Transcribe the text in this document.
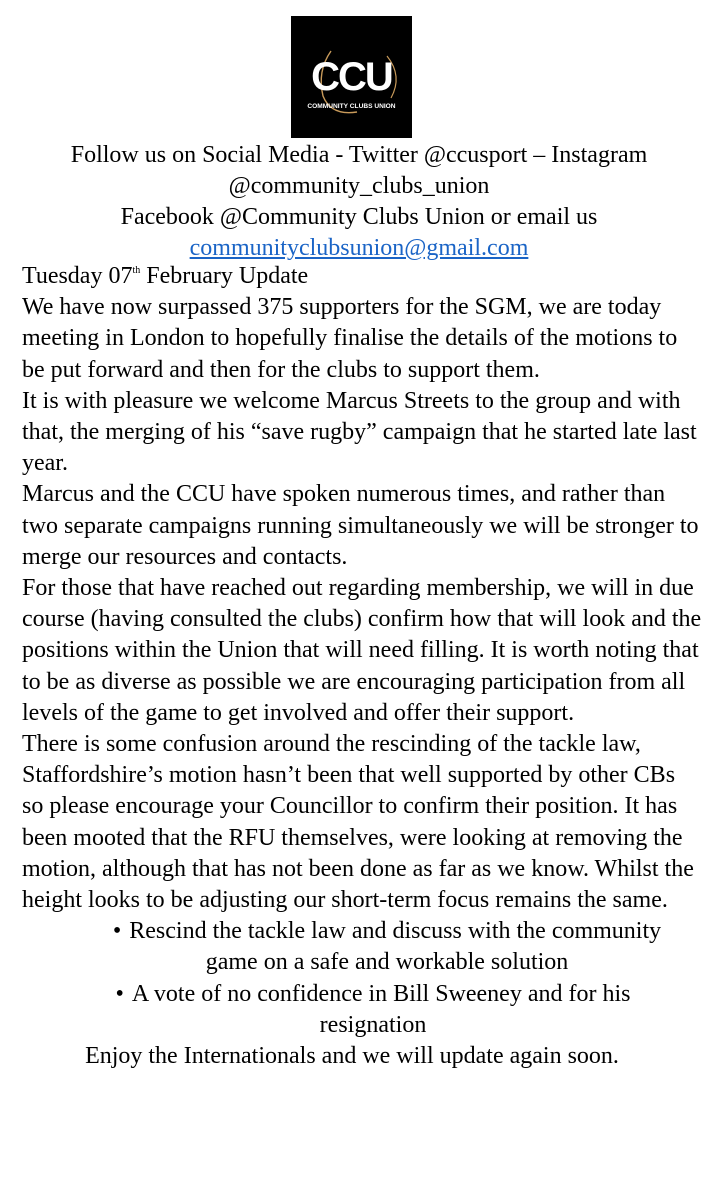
CCU
COMMUNITY CLUBS UNION
Follow us on Social Media - Twitter @ccusport – Instagram
@community_clubs_union
Facebook @Community Clubs Union or email us
communityclubsunion@gmail.com

Tuesday 07th February Update

We have now surpassed 375 supporters for the SGM, we are today meeting in London to hopefully finalise the details of the motions to be put forward and then for the clubs to support them.

It is with pleasure we welcome Marcus Streets to the group and with that, the merging of his “save rugby” campaign that he started late last year.

Marcus and the CCU have spoken numerous times, and rather than two separate campaigns running simultaneously we will be stronger to merge our resources and contacts.

For those that have reached out regarding membership, we will in due course (having consulted the clubs) confirm how that will look and the positions within the Union that will need filling. It is worth noting that to be as diverse as possible we are encouraging participation from all levels of the game to get involved and offer their support.

There is some confusion around the rescinding of the tackle law, Staffordshire’s motion hasn’t been that well supported by other CBs so please encourage your Councillor to confirm their position. It has been mooted that the RFU themselves, were looking at removing the motion, although that has not been done as far as we know. Whilst the height looks to be adjusting our short-term focus remains the same.

• Rescind the tackle law and discuss with the community game on a safe and workable solution
• A vote of no confidence in Bill Sweeney and for his resignation

Enjoy the Internationals and we will update again soon.
